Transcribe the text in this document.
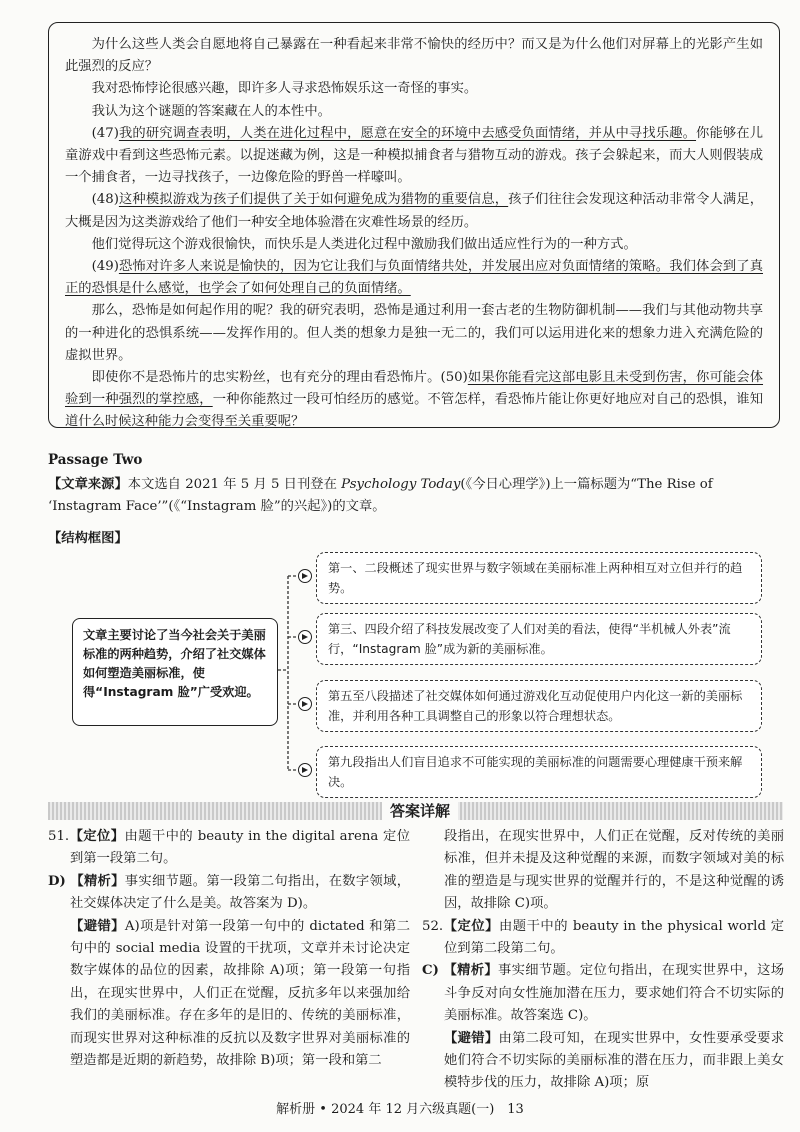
为什么这些人类会自愿地将自己暴露在一种看起来非常不愉快的经历中？而又是为什么他们对屏幕上的光影产生如此强烈的反应？

我对恐怖悖论很感兴趣，即许多人寻求恐怖娱乐这一奇怪的事实。

我认为这个谜题的答案藏在人的本性中。

(47)我的研究调查表明，人类在进化过程中，愿意在安全的环境中去感受负面情绪，并从中寻找乐趣。你能够在儿童游戏中看到这些恐怖元素。以捉迷藏为例，这是一种模拟捕食者与猎物互动的游戏。孩子会躲起来，而大人则假装成一个捕食者，一边寻找孩子，一边像危险的野兽一样嚎叫。

(48)这种模拟游戏为孩子们提供了关于如何避免成为猎物的重要信息，孩子们往往会发现这种活动非常令人满足，大概是因为这类游戏给了他们一种安全地体验潜在灾难性场景的经历。

他们觉得玩这个游戏很愉快，而快乐是人类进化过程中激励我们做出适应性行为的一种方式。

(49)恐怖对许多人来说是愉快的，因为它让我们与负面情绪共处，并发展出应对负面情绪的策略。我们体会到了真正的恐惧是什么感觉，也学会了如何处理自己的负面情绪。

那么，恐怖是如何起作用的呢？我的研究表明，恐怖是通过利用一套古老的生物防御机制——我们与其他动物共享的一种进化的恐惧系统——发挥作用的。但人类的想象力是独一无二的，我们可以运用进化来的想象力进入充满危险的虚拟世界。

即使你不是恐怖片的忠实粉丝，也有充分的理由看恐怖片。(50)如果你能看完这部电影且未受到伤害，你可能会体验到一种强烈的掌控感，一种你能熬过一段可怕经历的感觉。不管怎样，看恐怖片能让你更好地应对自己的恐惧，谁知道什么时候这种能力会变得至关重要呢？

Passage Two
【文章来源】本文选自 2021 年 5 月 5 日刊登在 Psychology Today(《今日心理学》)上一篇标题为“The Rise of ‘Instagram Face’”(《“Instagram 脸”的兴起》)的文章。
【结构框图】
文章主要讨论了当今社会关于美丽标准的两种趋势，介绍了社交媒体如何塑造美丽标准，使得“Instagram 脸”广受欢迎。
第一、二段概述了现实世界与数字领域在美丽标准上两种相互对立但并行的趋势。
第三、四段介绍了科技发展改变了人们对美的看法，使得“半机械人外表”流行，“Instagram 脸”成为新的美丽标准。
第五至八段描述了社交媒体如何通过游戏化互动促使用户内化这一新的美丽标准，并利用各种工具调整自己的形象以符合理想状态。
第九段指出人们盲目追求不可能实现的美丽标准的问题需要心理健康干预来解决。
答案详解

51.【定位】由题干中的 beauty in the digital arena 定位到第一段第二句。

D) 【精析】事实细节题。第一段第二句指出，在数字领域，社交媒体决定了什么是美。故答案为 D)。

【避错】A)项是针对第一段第一句中的 dictated 和第二句中的 social media 设置的干扰项，文章并未讨论决定数字媒体的品位的因素，故排除 A)项；第一段第一句指出，在现实世界中，人们正在觉醒，反抗多年以来强加给我们的美丽标准。存在多年的是旧的、传统的美丽标准，而现实世界对这种标准的反抗以及数字世界对美丽标准的塑造都是近期的新趋势，故排除 B)项；第一段和第二

段指出，在现实世界中，人们正在觉醒，反对传统的美丽标准，但并未提及这种觉醒的来源，而数字领域对美的标准的塑造是与现实世界的觉醒并行的，不是这种觉醒的诱因，故排除 C)项。

52.【定位】由题干中的 beauty in the physical world 定位到第二段第二句。

C) 【精析】事实细节题。定位句指出，在现实世界中，这场斗争反对向女性施加潜在压力，要求她们符合不切实际的美丽标准。故答案选 C)。

【避错】由第二段可知，在现实世界中，女性要承受要求她们符合不切实际的美丽标准的潜在压力，而非跟上美女模特步伐的压力，故排除 A)项；原

解析册 • 2024 年 12 月六级真题(一)　13
